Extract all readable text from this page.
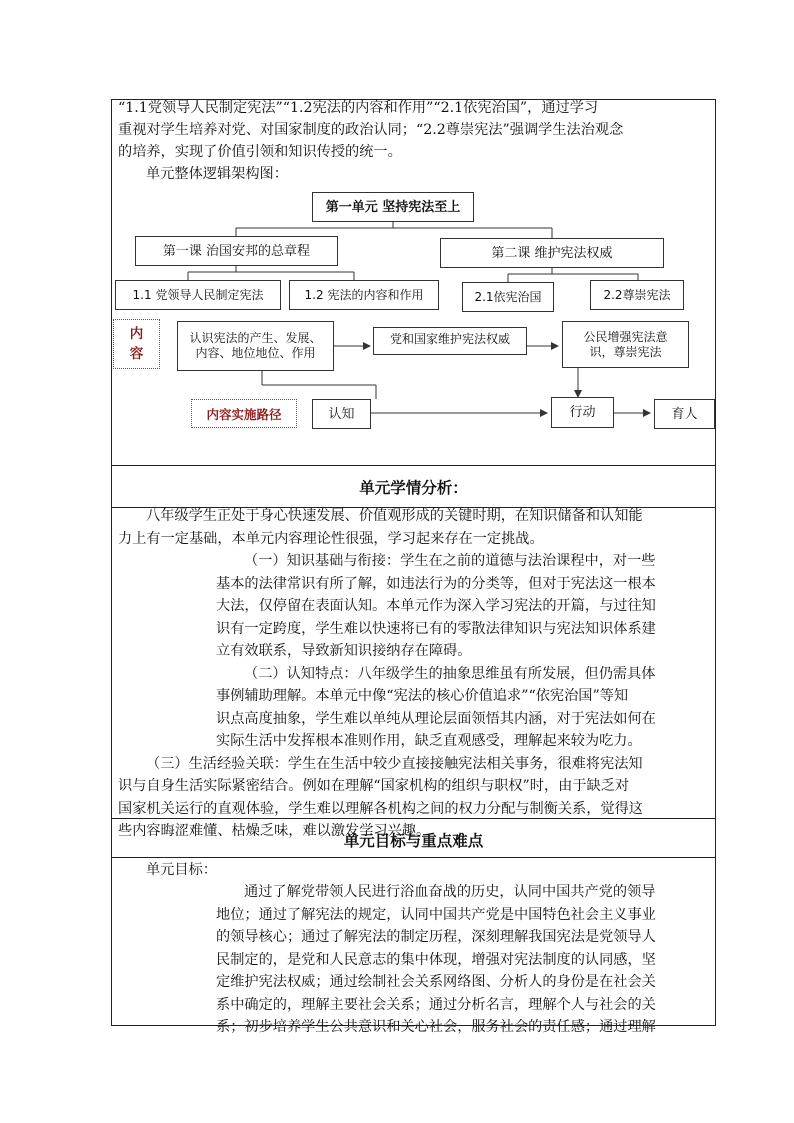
“1.1党领导人民制定宪法”“1.2宪法的内容和作用”“2.1依宪治国”，通过学习

重视对学生培养对党、对国家制度的政治认同；“2.2尊崇宪法”强调学生法治观念

的培养，实现了价值引领和知识传授的统一。

单元整体逻辑架构图：

第一单元 坚持宪法至上
第一课 治国安邦的总章程	第二课 维护宪法权威
1.1 党领导人民制定宪法	1.2 宪法的内容和作用	2.1依宪治国	2.2尊崇宪法
内
容
认识宪法的产生、发展、内容、地位地位、作用
党和国家维护宪法权威	公民增强宪法意识，尊崇宪法
内容实施路径	认知	行动	育人
单元学情分析：

八年级学生正处于身心快速发展、价值观形成的关键时期，在知识储备和认知能

力上有一定基础，本单元内容理论性很强，学习起来存在一定挑战。

（一）知识基础与衔接：学生在之前的道德与法治课程中，对一些

基本的法律常识有所了解，如违法行为的分类等，但对于宪法这一根本

大法，仅停留在表面认知。本单元作为深入学习宪法的开篇，与过往知

识有一定跨度，学生难以快速将已有的零散法律知识与宪法知识体系建

立有效联系，导致新知识接纳存在障碍。

（二）认知特点：八年级学生的抽象思维虽有所发展，但仍需具体

事例辅助理解。本单元中像“宪法的核心价值追求”“依宪治国”等知

识点高度抽象，学生难以单纯从理论层面领悟其内涵，对于宪法如何在

实际生活中发挥根本准则作用，缺乏直观感受，理解起来较为吃力。

（三）生活经验关联：学生在生活中较少直接接触宪法相关事务，很难将宪法知

识与自身生活实际紧密结合。例如在理解“国家机构的组织与职权”时，由于缺乏对

国家机关运行的直观体验，学生难以理解各机构之间的权力分配与制衡关系，觉得这

些内容晦涩难懂、枯燥乏味，难以激发学习兴趣。

单元目标与重点难点

单元目标：

通过了解党带领人民进行浴血奋战的历史，认同中国共产党的领导

地位；通过了解宪法的规定，认同中国共产党是中国特色社会主义事业

的领导核心；通过了解宪法的制定历程，深刻理解我国宪法是党领导人

民制定的，是党和人民意志的集中体现，增强对宪法制度的认同感，坚

定维护宪法权威；通过绘制社会关系网络图、分析人的身份是在社会关

系中确定的，理解主要社会关系；通过分析名言，理解个人与社会的关

系；初步培养学生公共意识和关心社会，服务社会的责任感；通过理解
